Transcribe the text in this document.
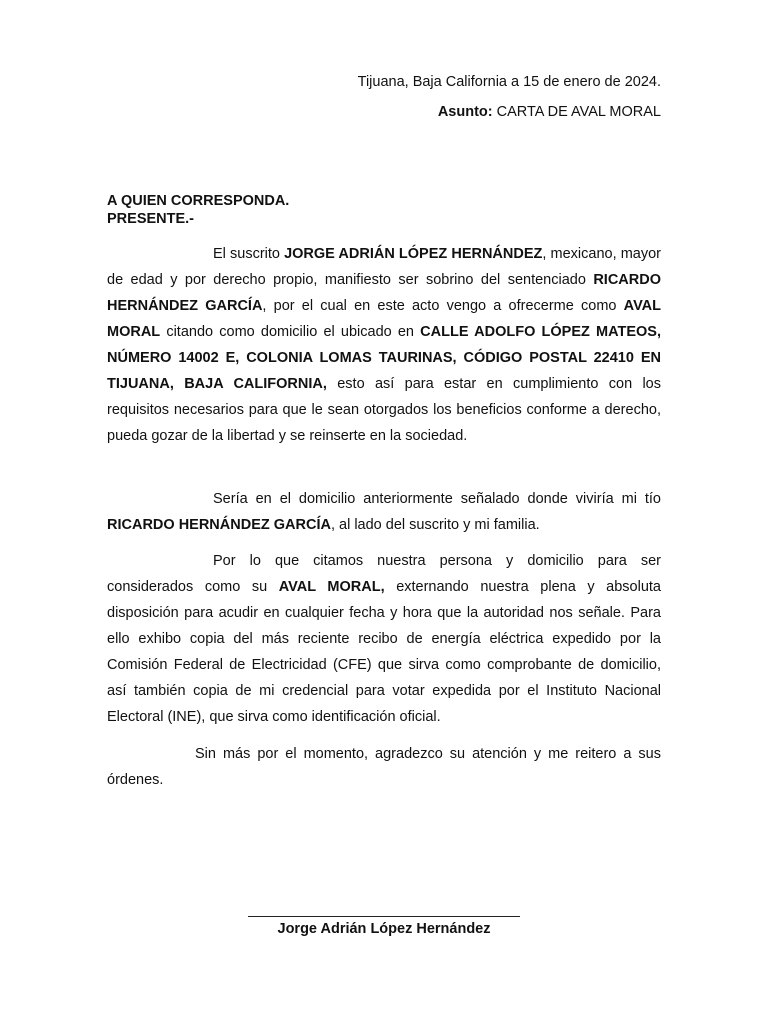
Tijuana, Baja California a 15 de enero de 2024.
Asunto: CARTA DE AVAL MORAL
A QUIEN CORRESPONDA.
PRESENTE.-

El suscrito JORGE ADRIÁN LÓPEZ HERNÁNDEZ, mexicano, mayor de edad y por derecho propio, manifiesto ser sobrino del sentenciado RICARDO HERNÁNDEZ GARCÍA, por el cual en este acto vengo a ofrecerme como AVAL MORAL citando como domicilio el ubicado en CALLE ADOLFO LÓPEZ MATEOS, NÚMERO 14002 E, COLONIA LOMAS TAURINAS, CÓDIGO POSTAL 22410 EN TIJUANA, BAJA CALIFORNIA, esto así para estar en cumplimiento con los requisitos necesarios para que le sean otorgados los beneficios conforme a derecho, pueda gozar de la libertad y se reinserte en la sociedad.

Sería en el domicilio anteriormente señalado donde viviría mi tío RICARDO HERNÁNDEZ GARCÍA, al lado del suscrito y mi familia.

Por lo que citamos nuestra persona y domicilio para ser considerados como su AVAL MORAL, externando nuestra plena y absoluta disposición para acudir en cualquier fecha y hora que la autoridad nos señale. Para ello exhibo copia del más reciente recibo de energía eléctrica expedido por la Comisión Federal de Electricidad (CFE) que sirva como comprobante de domicilio, así también copia de mi credencial para votar expedida por el Instituto Nacional Electoral (INE), que sirva como identificación oficial.

Sin más por el momento, agradezco su atención y me reitero a sus órdenes.

Jorge Adrián López Hernández
